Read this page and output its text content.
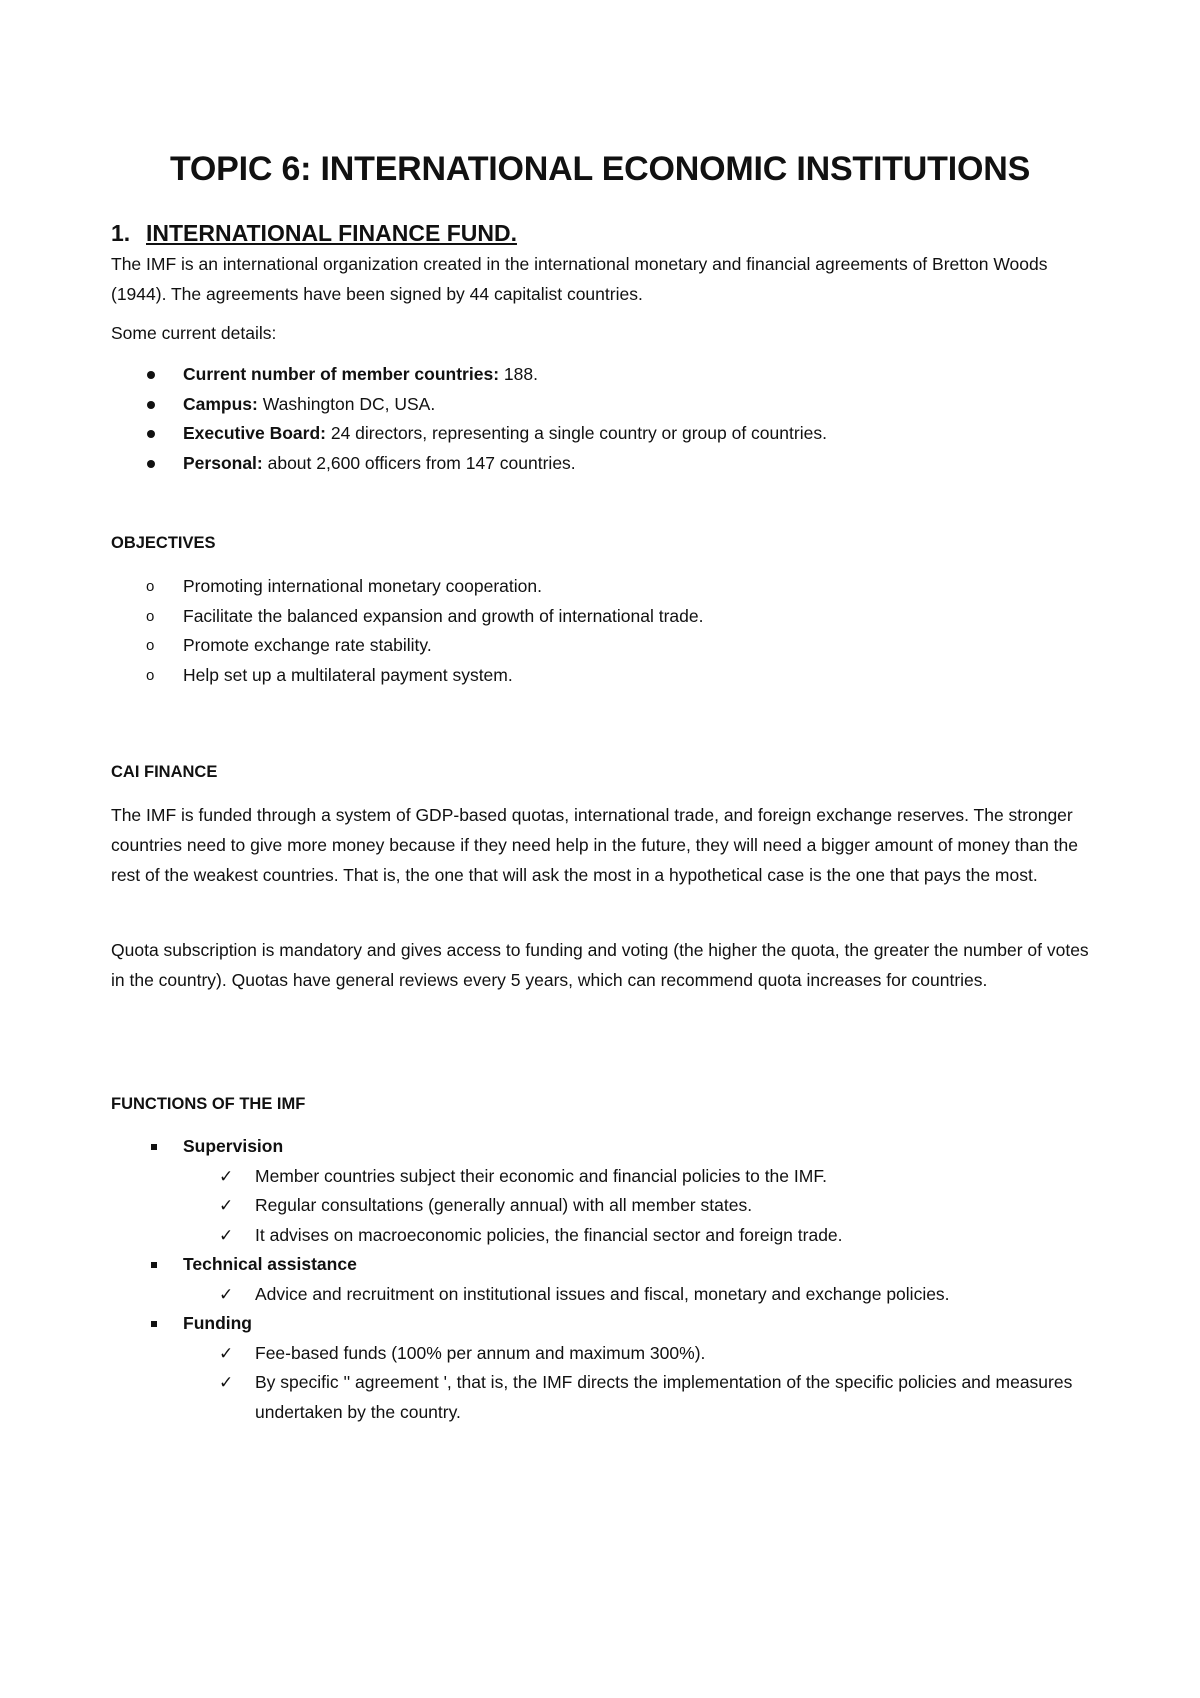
TOPIC 6: INTERNATIONAL ECONOMIC INSTITUTIONS
1. INTERNATIONAL FINANCE FUND.

The IMF is an international organization created in the international monetary and financial agreements of Bretton Woods (1944). The agreements have been signed by 44 capitalist countries.

Some current details:

Current number of member countries: 188.
Campus: Washington DC, USA.
Executive Board: 24 directors, representing a single country or group of countries.
Personal: about 2,600 officers from 147 countries.

OBJECTIVES

o Promoting international monetary cooperation.
o Facilitate the balanced expansion and growth of international trade.
o Promote exchange rate stability.
o Help set up a multilateral payment system.

CAI FINANCE

The IMF is funded through a system of GDP-based quotas, international trade, and foreign exchange reserves. The stronger countries need to give more money because if they need help in the future, they will need a bigger amount of money than the rest of the weakest countries. That is, the one that will ask the most in a hypothetical case is the one that pays the most.

Quota subscription is mandatory and gives access to funding and voting (the higher the quota, the greater the number of votes in the country). Quotas have general reviews every 5 years, which can recommend quota increases for countries.

FUNCTIONS OF THE IMF

Supervision
✓ Member countries subject their economic and financial policies to the IMF.
✓ Regular consultations (generally annual) with all member states.
✓ It advises on macroeconomic policies, the financial sector and foreign trade.
Technical assistance
✓ Advice and recruitment on institutional issues and fiscal, monetary and exchange policies.
Funding
✓ Fee-based funds (100% per annum and maximum 300%).
✓ By specific '' agreement ', that is, the IMF directs the implementation of the specific policies and measures undertaken by the country.
